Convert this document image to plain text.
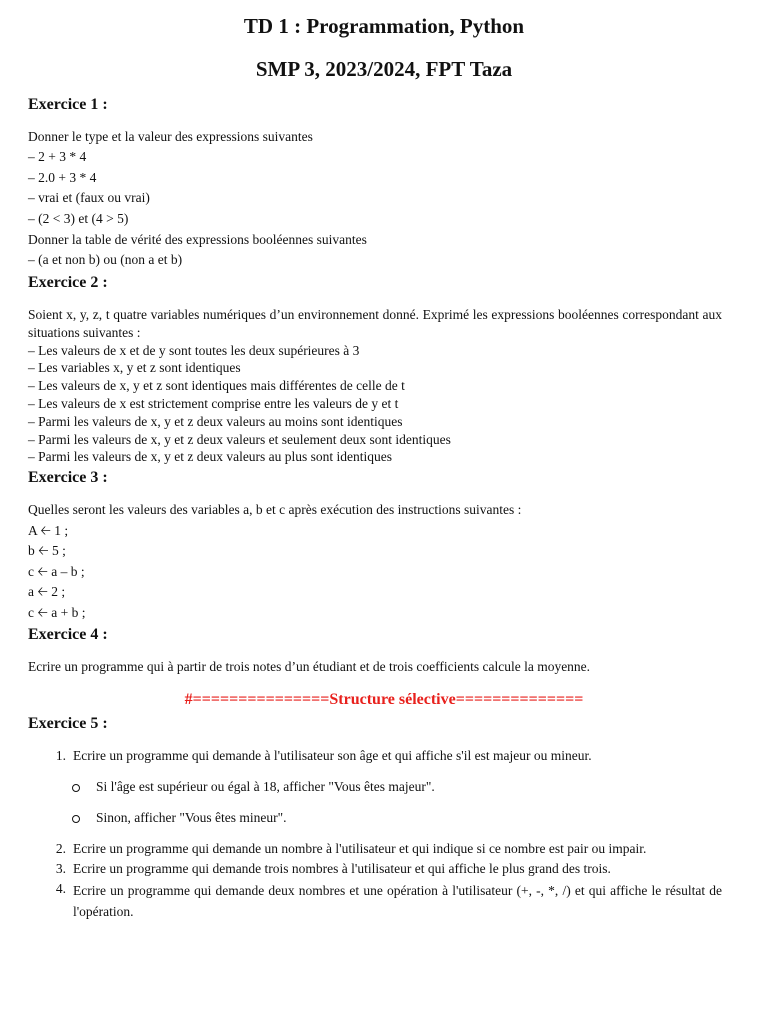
TD 1 : Programmation, Python
SMP 3, 2023/2024, FPT Taza
Exercice 1 :
Donner le type et la valeur des expressions suivantes
– 2 + 3 * 4
– 2.0 + 3 * 4
– vrai et (faux ou vrai)
– (2 < 3) et (4 > 5)
Donner la table de vérité des expressions booléennes suivantes
– (a et non b) ou (non a et b)
Exercice 2 :
Soient x, y, z, t quatre variables numériques d’un environnement donné. Exprimé les expressions booléennes correspondant aux situations suivantes :
– Les valeurs de x et de y sont toutes les deux supérieures à 3
– Les variables x, y et z sont identiques
– Les valeurs de x, y et z sont identiques mais différentes de celle de t
– Les valeurs de x est strictement comprise entre les valeurs de y et t
– Parmi les valeurs de x, y et z deux valeurs au moins sont identiques
– Parmi les valeurs de x, y et z deux valeurs et seulement deux sont identiques
– Parmi les valeurs de x, y et z deux valeurs au plus sont identiques
Exercice 3 :
Quelles seront les valeurs des variables a, b et c après exécution des instructions suivantes :
A 🡠 1 ;
b 🡠 5 ;
c 🡠 a – b ;
a 🡠 2 ;
c 🡠 a + b ;
Exercice 4 :
Ecrire un programme qui à partir de trois notes d’un étudiant et de trois coefficients calcule la moyenne.
#===============Structure sélective==============
Exercice 5 :
1. Ecrire un programme qui demande à l'utilisateur son âge et qui affiche s'il est majeur ou mineur.
Si l'âge est supérieur ou égal à 18, afficher "Vous êtes majeur".
Sinon, afficher "Vous êtes mineur".
2. Ecrire un programme qui demande un nombre à l'utilisateur et qui indique si ce nombre est pair ou impair.
3. Ecrire un programme qui demande trois nombres à l'utilisateur et qui affiche le plus grand des trois.
4. Ecrire un programme qui demande deux nombres et une opération à l'utilisateur (+, -, *, /) et qui affiche le résultat de l'opération.
